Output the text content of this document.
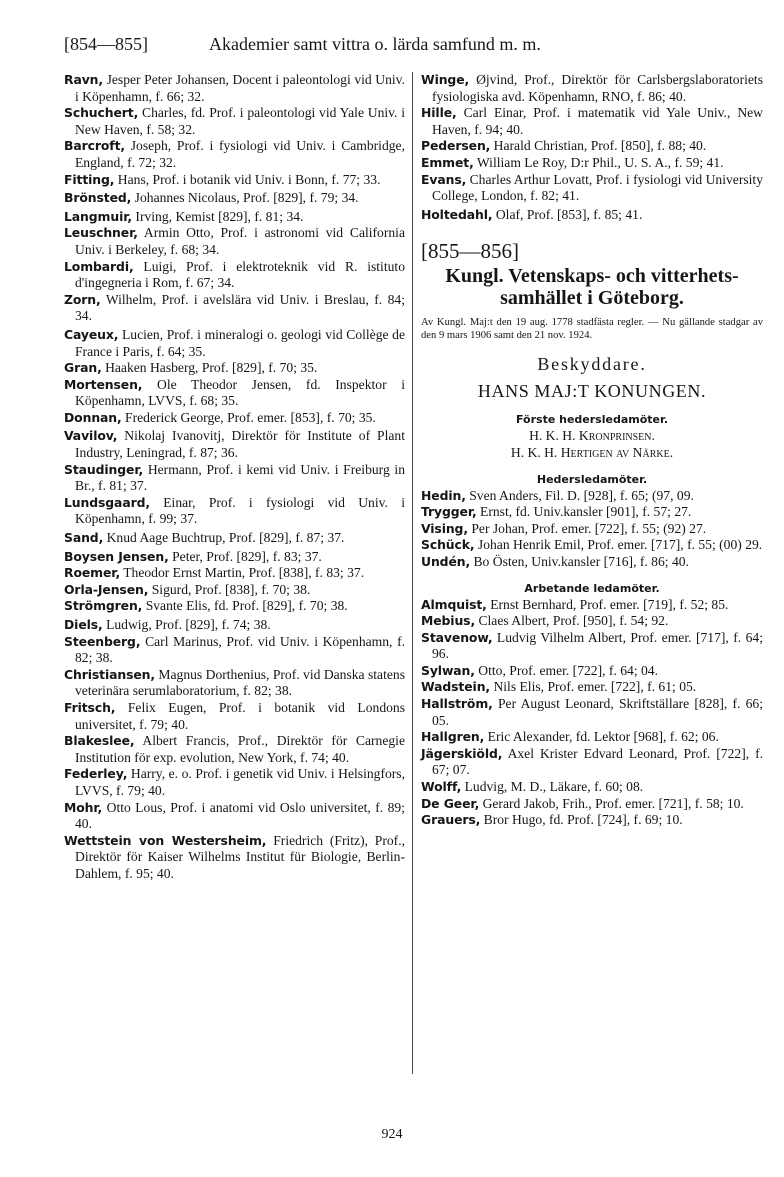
[854—855]	Akademier samt vittra o. lärda samfund m. m.

Ravn, Jesper Peter Johansen, Docent i paleontologi vid Univ. i Köpenhamn, f. 66; 32.

Schuchert, Charles, fd. Prof. i paleontologi vid Yale Univ. i New Haven, f. 58; 32.

Barcroft, Joseph, Prof. i fysiologi vid Univ. i Cambridge, England, f. 72; 32.

Fitting, Hans, Prof. i botanik vid Univ. i Bonn, f. 77; 33.

Brönsted, Johannes Nicolaus, Prof. [829], f. 79; 34.

Langmuir, Irving, Kemist [829], f. 81; 34.

Leuschner, Armin Otto, Prof. i astronomi vid California Univ. i Berkeley, f. 68; 34.

Lombardi, Luigi, Prof. i elektroteknik vid R. istituto d'ingegneria i Rom, f. 67; 34.

Zorn, Wilhelm, Prof. i avelslära vid Univ. i Breslau, f. 84; 34.

Cayeux, Lucien, Prof. i mineralogi o. geologi vid Collège de France i Paris, f. 64; 35.

Gran, Haaken Hasberg, Prof. [829], f. 70; 35.

Mortensen, Ole Theodor Jensen, fd. Inspektor i Köpenhamn, LVVS, f. 68; 35.

Donnan, Frederick George, Prof. emer. [853], f. 70; 35.

Vavilov, Nikolaj Ivanovitj, Direktör för Institute of Plant Industry, Leningrad, f. 87; 36.

Staudinger, Hermann, Prof. i kemi vid Univ. i Freiburg in Br., f. 81; 37.

Lundsgaard, Einar, Prof. i fysiologi vid Univ. i Köpenhamn, f. 99; 37.

Sand, Knud Aage Buchtrup, Prof. [829], f. 87; 37.

Boysen Jensen, Peter, Prof. [829], f. 83; 37.

Roemer, Theodor Ernst Martin, Prof. [838], f. 83; 37.

Orla-Jensen, Sigurd, Prof. [838], f. 70; 38.

Strömgren, Svante Elis, fd. Prof. [829], f. 70; 38.

Diels, Ludwig, Prof. [829], f. 74; 38.

Steenberg, Carl Marinus, Prof. vid Univ. i Köpenhamn, f. 82; 38.

Christiansen, Magnus Dorthenius, Prof. vid Danska statens veterinära serumlaboratorium, f. 82; 38.

Fritsch, Felix Eugen, Prof. i botanik vid Londons universitet, f. 79; 40.

Blakeslee, Albert Francis, Prof., Direktör för Carnegie Institution för exp. evolution, New York, f. 74; 40.

Federley, Harry, e. o. Prof. i genetik vid Univ. i Helsingfors, LVVS, f. 79; 40.

Mohr, Otto Lous, Prof. i anatomi vid Oslo universitet, f. 89; 40.

Wettstein von Westersheim, Friedrich (Fritz), Prof., Direktör för Kaiser Wilhelms Institut für Biologie, Berlin-Dahlem, f. 95; 40.

Winge, Øjvind, Prof., Direktör för Carlsbergslaboratoriets fysiologiska avd. Köpenhamn, RNO, f. 86; 40.

Hille, Carl Einar, Prof. i matematik vid Yale Univ., New Haven, f. 94; 40.

Pedersen, Harald Christian, Prof. [850], f. 88; 40.

Emmet, William Le Roy, D:r Phil., U. S. A., f. 59; 41.

Evans, Charles Arthur Lovatt, Prof. i fysiologi vid University College, London, f. 82; 41.

Holtedahl, Olaf, Prof. [853], f. 85; 41.

[855—856]
Kungl. Vetenskaps- och vitterhets-samhället i Göteborg.
Av Kungl. Maj:t den 19 aug. 1778 stadfästa regler. — Nu gällande stadgar av den 9 mars 1906 samt den 21 nov. 1924.
Beskyddare.
HANS MAJ:T KONUNGEN.
Förste hedersledamöter.
H. K. H. Kronprinsen.
H. K. H. Hertigen av Närke.
Hedersledamöter.

Hedin, Sven Anders, Fil. D. [928], f. 65; (97, 09.

Trygger, Ernst, fd. Univ.kansler [901], f. 57; 27.

Vising, Per Johan, Prof. emer. [722], f. 55; (92) 27.

Schück, Johan Henrik Emil, Prof. emer. [717], f. 55; (00) 29.

Undén, Bo Östen, Univ.kansler [716], f. 86; 40.

Arbetande ledamöter.

Almquist, Ernst Bernhard, Prof. emer. [719], f. 52; 85.

Mebius, Claes Albert, Prof. [950], f. 54; 92.

Stavenow, Ludvig Vilhelm Albert, Prof. emer. [717], f. 64; 96.

Sylwan, Otto, Prof. emer. [722], f. 64; 04.

Wadstein, Nils Elis, Prof. emer. [722], f. 61; 05.

Hallström, Per August Leonard, Skriftställare [828], f. 66; 05.

Hallgren, Eric Alexander, fd. Lektor [968], f. 62; 06.

Jägerskiöld, Axel Krister Edvard Leonard, Prof. [722], f. 67; 07.

Wolff, Ludvig, M. D., Läkare, f. 60; 08.

De Geer, Gerard Jakob, Frih., Prof. emer. [721], f. 58; 10.

Grauers, Bror Hugo, fd. Prof. [724], f. 69; 10.

924
